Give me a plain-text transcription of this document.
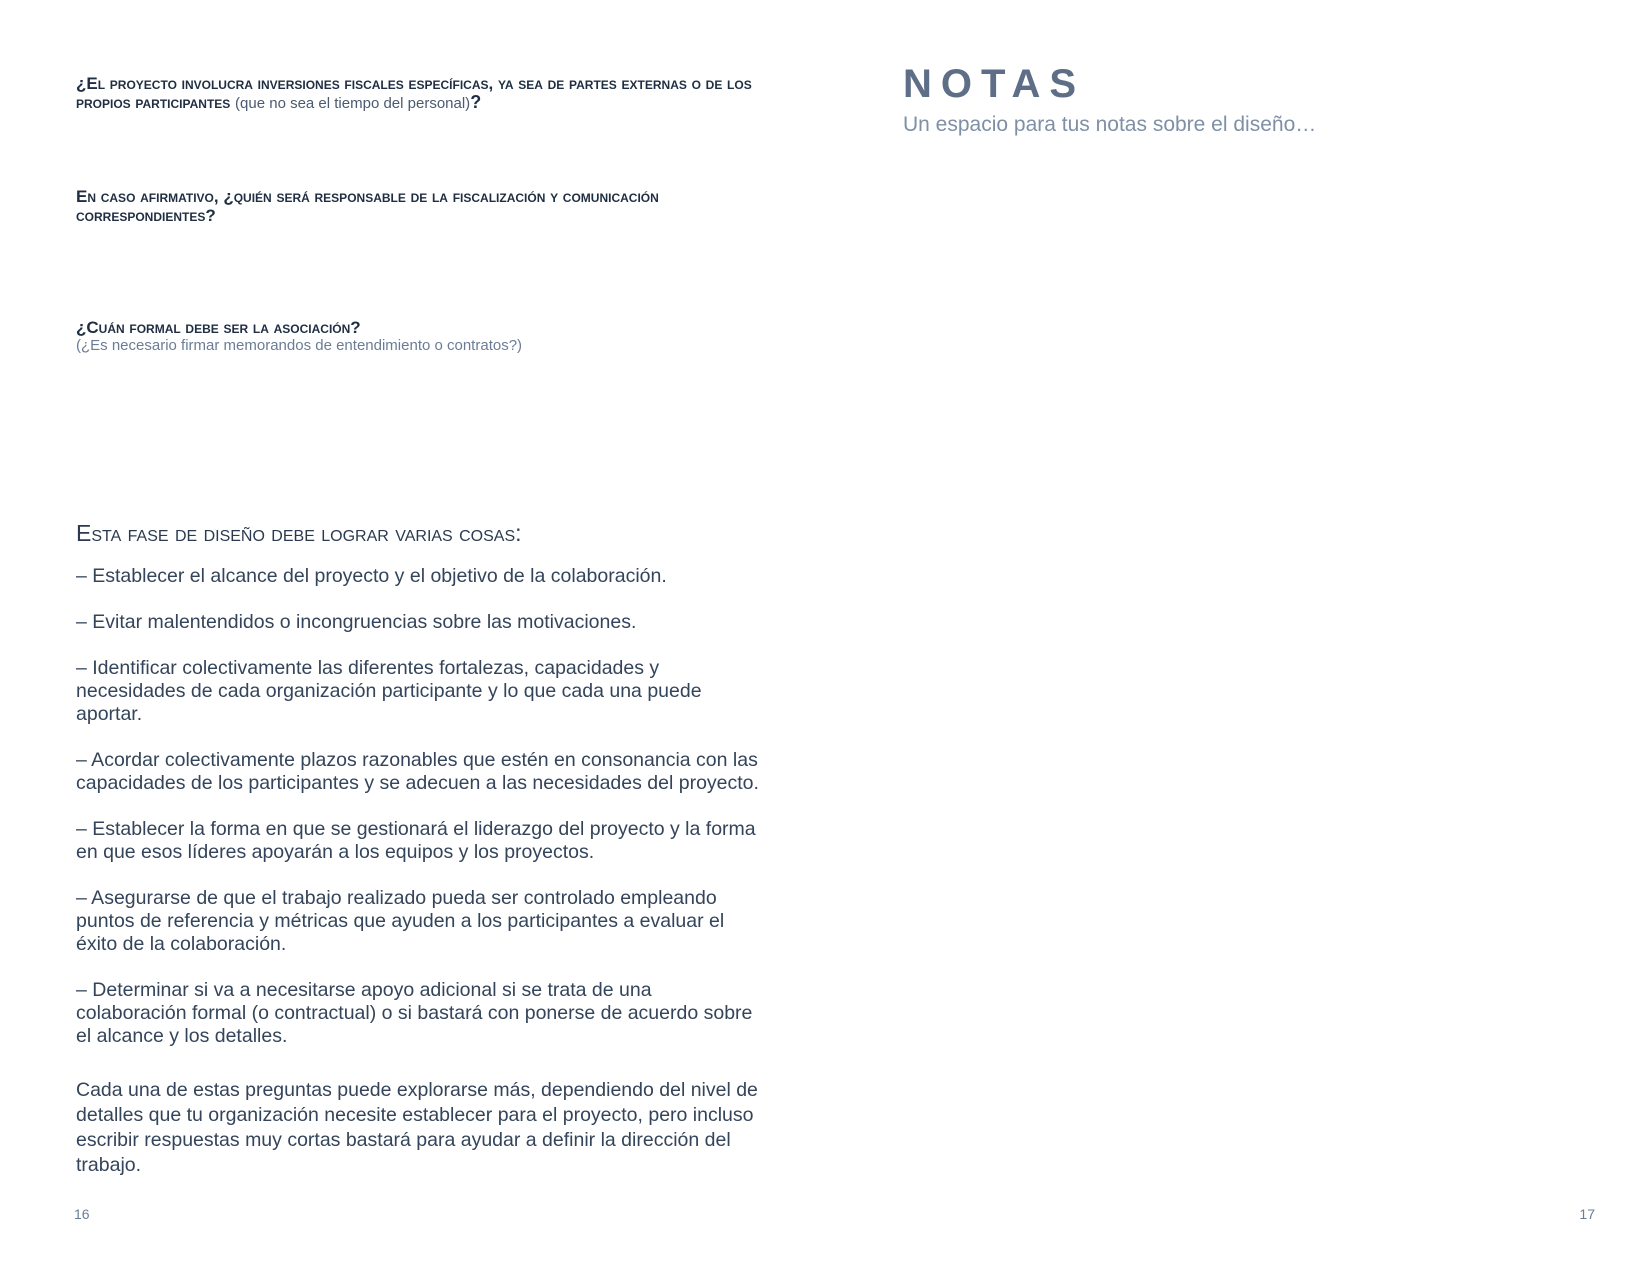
¿El proyecto involucra inversiones fiscales específicas, ya sea de partes externas o de los propios participantes (que no sea el tiempo del personal)?
En caso afirmativo, ¿quién será responsable de la fiscalización y comunicación correspondientes?
¿Cuán formal debe ser la asociación?
(¿Es necesario firmar memorandos de entendimiento o contratos?)
Esta fase de diseño debe lograr varias cosas:
– Establecer el alcance del proyecto y el objetivo de la colaboración.
– Evitar malentendidos o incongruencias sobre las motivaciones.
– Identificar colectivamente las diferentes fortalezas, capacidades y necesidades de cada organización participante y lo que cada una puede aportar.
– Acordar colectivamente plazos razonables que estén en consonancia con las capacidades de los participantes y se adecuen a las necesidades del proyecto.
– Establecer la forma en que se gestionará el liderazgo del proyecto y la forma en que esos líderes apoyarán a los equipos y los proyectos.
– Asegurarse de que el trabajo realizado pueda ser controlado empleando puntos de referencia y métricas que ayuden a los participantes a evaluar el éxito de la colaboración.
– Determinar si va a necesitarse apoyo adicional si se trata de una colaboración formal (o contractual) o si bastará con ponerse de acuerdo sobre el alcance y los detalles.
Cada una de estas preguntas puede explorarse más, dependiendo del nivel de detalles que tu organización necesite establecer para el proyecto, pero incluso escribir respuestas muy cortas bastará para ayudar a definir la dirección del trabajo.
16
NOTAS
Un espacio para tus notas sobre el diseño…
17
